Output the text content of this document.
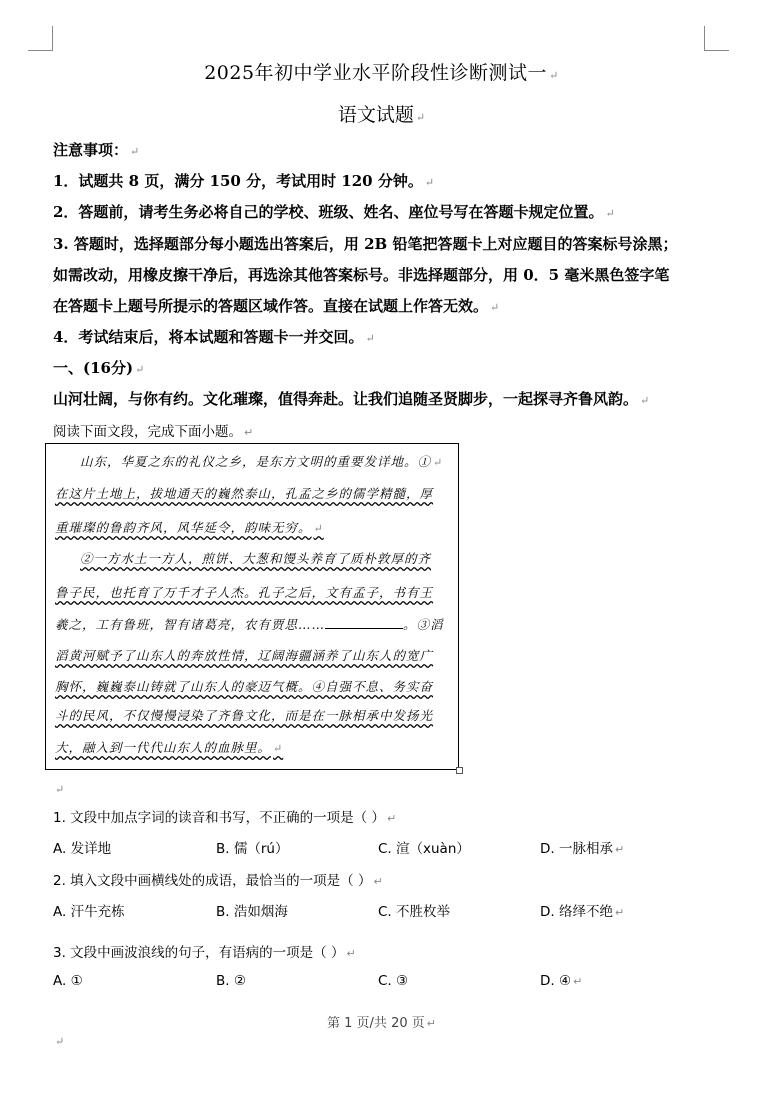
2025年初中学业水平阶段性诊断测试一 ↵
语文试题 ↵
注意事项： ↵
1．试题共 8 页，满分 150 分，考试用时 120 分钟。 ↵
2．答题前，请考生务必将自己的学校、班级、姓名、座位号写在答题卡规定位置。 ↵
3. 答题时，选择题部分每小题选出答案后，用 2B 铅笔把答题卡上对应题目的答案标号涂黑；
如需改动，用橡皮擦干净后，再选涂其他答案标号。非选择题部分，用 0．5 毫米黑色签字笔
在答题卡上题号所提示的答题区域作答。直接在试题上作答无效。 ↵
4．考试结束后，将本试题和答题卡一并交回。 ↵
一、(16分) ↵
山河壮阔，与你有约。文化璀璨，值得奔赴。让我们追随圣贤脚步，一起探寻齐鲁风韵。 ↵
阅读下面文段，完成下面小题。 ↵
山东，华夏之东的礼仪之乡，是东方文明的重要发详地。① ↵
在这片土地上，拔地通天的巍然泰山，孔孟之乡的儒学精髓，厚
重璀璨的鲁韵齐风，风华延令，韵味无穷。 ↵
②一方水土一方人，煎饼、大葱和馒头养育了质朴敦厚的齐
鲁子民，也托育了万千才子人杰。孔子之后，文有孟子，书有王
羲之，工有鲁班，智有诸葛亮，农有贾思……	。③滔
滔黄河赋予了山东人的奔放性情，辽阔海疆涵养了山东人的宽广
胸怀，巍巍泰山铸就了山东人的豪迈气概。④自强不息、务实奋
斗的民风，不仅慢慢浸染了齐鲁文化，而是在一脉相承中发扬光
大，融入到一代代山东人的血脉里。 ↵
↵
1. 文段中加点字词的读音和书写，不正确的一项是（ ） ↵
A. 发详地	B. 儒（rú）	C. 渲（xuàn）	D. 一脉相承 ↵
2. 填入文段中画横线处的成语，最恰当的一项是（ ） ↵
A. 汗牛充栋	B. 浩如烟海	C. 不胜枚举	D. 络绎不绝 ↵
3. 文段中画波浪线的句子，有语病的一项是（ ） ↵
A. ①	B. ②	C. ③	D. ④ ↵
第 1 页/共 20 页 ↵
↵
